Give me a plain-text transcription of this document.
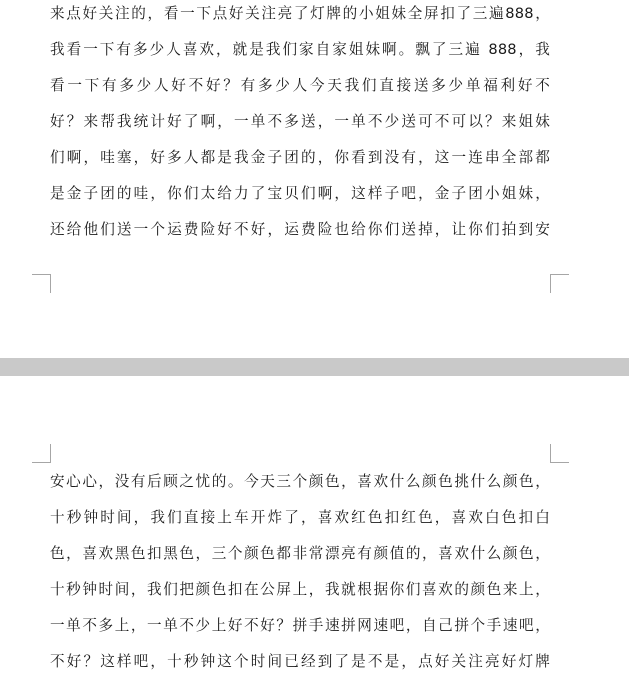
来点好关注的，看一下点好关注亮了灯牌的小姐妹全屏扣了三遍888，
我看一下有多少人喜欢，就是我们家自家姐妹啊。飘了三遍 888，我
看一下有多少人好不好？有多少人今天我们直接送多少单福利好不
好？来帮我统计好了啊，一单不多送，一单不少送可不可以？来姐妹
们啊，哇塞，好多人都是我金子团的，你看到没有，这一连串全部都
是金子团的哇，你们太给力了宝贝们啊，这样子吧，金子团小姐妹，
还给他们送一个运费险好不好，运费险也给你们送掉，让你们拍到安
安心心，没有后顾之忧的。今天三个颜色，喜欢什么颜色挑什么颜色，
十秒钟时间，我们直接上车开炸了，喜欢红色扣红色，喜欢白色扣白
色，喜欢黑色扣黑色，三个颜色都非常漂亮有颜值的，喜欢什么颜色，
十秒钟时间，我们把颜色扣在公屏上，我就根据你们喜欢的颜色来上，
一单不多上，一单不少上好不好？拼手速拼网速吧，自己拼个手速吧，
不好？这样吧，十秒钟这个时间已经到了是不是，点好关注亮好灯牌
